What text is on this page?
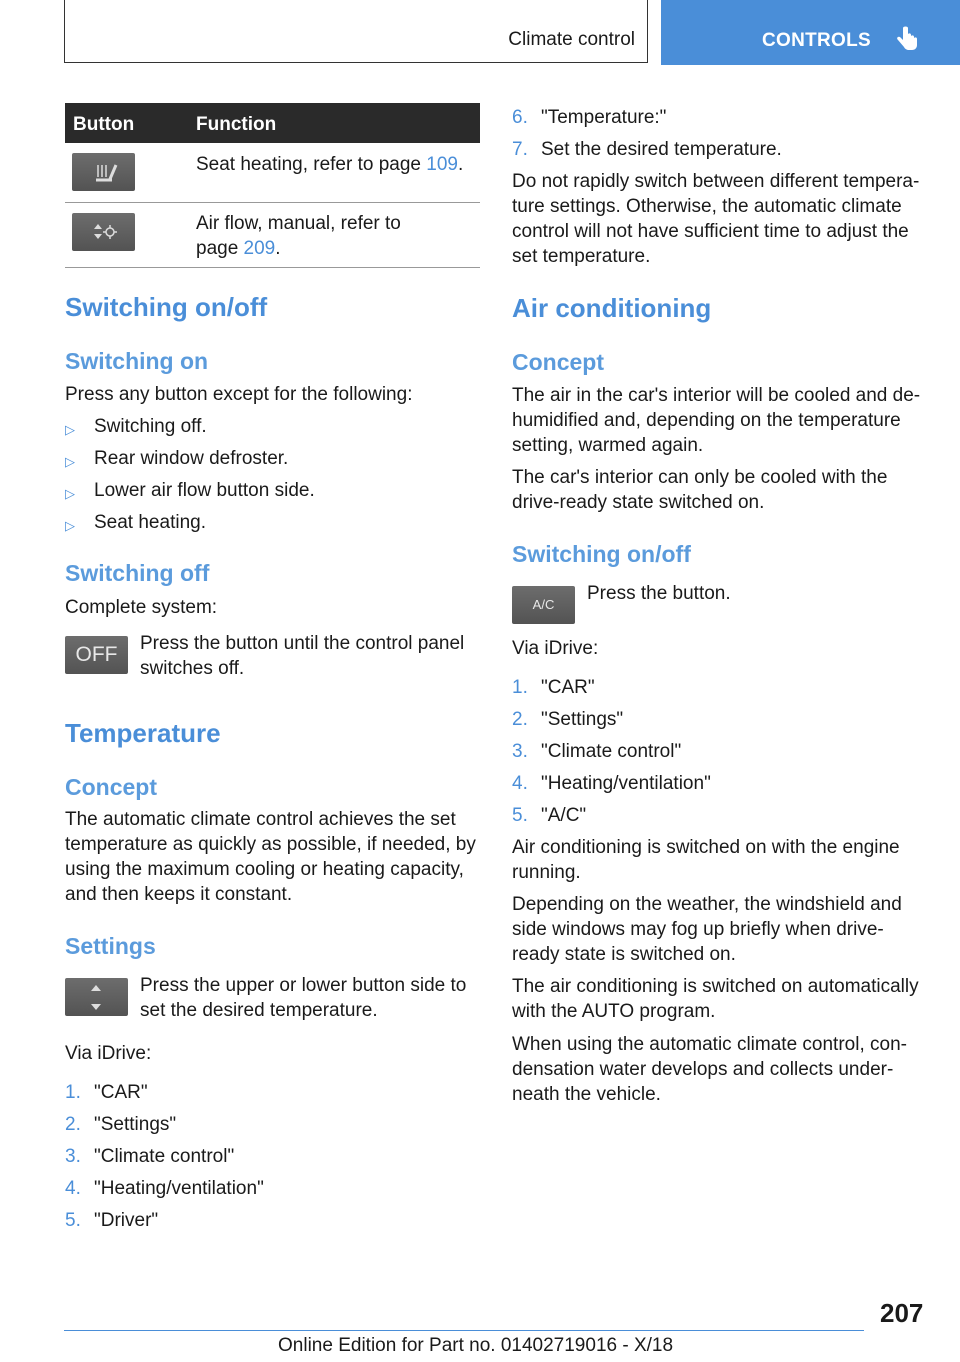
Climate control	CONTROLS
Button	Function
Seat heating, refer to page 109.
Air flow, manual, refer to
page 209.
Switching on/off
Switching on
Press any button except for the following:
▷ Switching off.
▷ Rear window defroster.
▷ Lower air flow button side.
▷ Seat heating.
Switching off
Complete system:
OFF	Press the button until the control panel
switches off.
Temperature
Concept
The automatic climate control achieves the set
temperature as quickly as possible, if needed, by
using the maximum cooling or heating capacity,
and then keeps it constant.
Settings
Press the upper or lower button side to
set the desired temperature.
Via iDrive:
1. "CAR"
2. "Settings"
3. "Climate control"
4. "Heating/ventilation"
5. "Driver"
6. "Temperature:"
7. Set the desired temperature.
Do not rapidly switch between different tempera-
ture settings. Otherwise, the automatic climate
control will not have sufficient time to adjust the
set temperature.
Air conditioning
Concept
The air in the car's interior will be cooled and de-
humidified and, depending on the temperature
setting, warmed again.
The car's interior can only be cooled with the
drive-ready state switched on.
Switching on/off
A/C
Press the button.
Via iDrive:
1. "CAR"
2. "Settings"
3. "Climate control"
4. "Heating/ventilation"
5. "A/C"
Air conditioning is switched on with the engine
running.
Depending on the weather, the windshield and
side windows may fog up briefly when drive-
ready state is switched on.
The air conditioning is switched on automatically
with the AUTO program.
When using the automatic climate control, con-
densation water develops and collects under-
neath the vehicle.
207
Online Edition for Part no. 01402719016 - X/18
